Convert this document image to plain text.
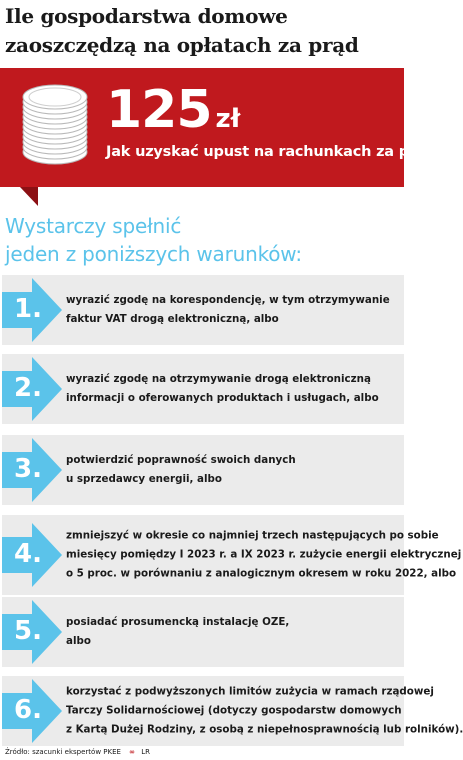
Ile gospodarstwa domowe
zaoszczędzą na opłatach za prąd
125 zł
Jak uzyskać upust na rachunkach za prąd?
Wystarczy spełnić
jeden z poniższych warunków:
1.	wyrazić zgodę na korespondencję, w tym otrzymywanie
faktur VAT drogą elektroniczną, albo
2.	wyrazić zgodę na otrzymywanie drogą elektroniczną
informacji o oferowanych produktach i usługach, albo
3.	potwierdzić poprawność swoich danych
u sprzedawcy energii, albo
4.
zmniejszyć w okresie co najmniej trzech następujących po sobie
miesięcy pomiędzy I 2023 r. a IX 2023 r. zużycie energii elektrycznej
o 5 proc. w porównaniu z analogicznym okresem w roku 2022, albo
5.	posiadać prosumencką instalację OZE,
albo
6.
korzystać z podwyższonych limitów zużycia w ramach rządowej
Tarczy Solidarnościowej (dotyczy gospodarstw domowych
z Kartą Dużej Rodziny, z osobą z niepełnosprawnością lub rolników).
Źródło: szacunki ekspertów PKEE ∞ LR
